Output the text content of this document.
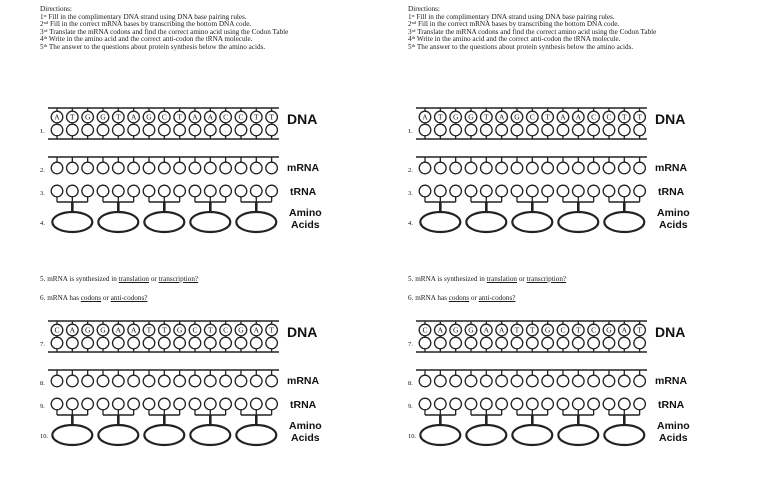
Directions:
1st Fill in the complimentary DNA strand using DNA base pairing rules.
2nd Fill in the correct mRNA bases by transcribing the bottom DNA code.
3rd Translate the mRNA codons and find the correct amino acid using the Codon Table
4th Write in the amino acid and the correct anti-codon the tRNA molecule.
5th The answer to the questions about protein synthesis below the amino acids.
Directions:
1st Fill in the complimentary DNA strand using DNA base pairing rules.
2nd Fill in the correct mRNA bases by transcribing the bottom DNA code.
3rd Translate the mRNA codons and find the correct amino acid using the Codon Table
4th Write in the amino acid and the correct anti-codon the tRNA molecule.
5th The answer to the questions about protein synthesis below the amino acids.
5. mRNA is synthesized in translation or transcription?
6. mRNA has codons or anti-codons?
5. mRNA is synthesized in translation or transcription?
6. mRNA has codons or anti-codons?
A T G G T A G C T A A C C T T
1.
DNA
2.	mRNA
3.	tRNA
4.
Amino
Acids
A T G G T A G C T A A C C T T
1.
DNA
2.	mRNA
3.	tRNA
4.
Amino
Acids
C A G G A A T T G C T C G A T
7.
DNA
8.	mRNA
9.	tRNA
10.
Amino
Acids
C A G G A A T T G C T C G A T
7.
DNA
8.	mRNA
9.	tRNA
10.
Amino
Acids
